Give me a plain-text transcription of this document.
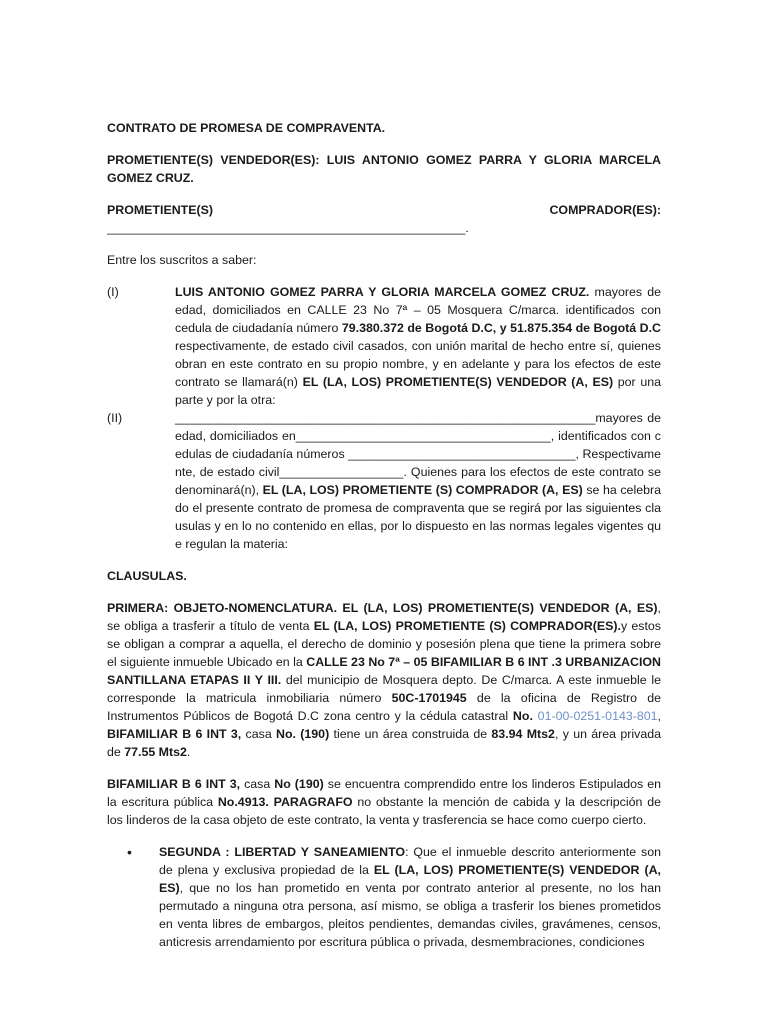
CONTRATO DE PROMESA DE COMPRAVENTA.

PROMETIENTE(S) VENDEDOR(ES): LUIS ANTONIO GOMEZ PARRA Y GLORIA MARCELA GOMEZ CRUZ.

PROMETIENTE(S)	COMPRADOR(ES):

____________________________________________________.

Entre los suscritos a saber:

(I)	LUIS ANTONIO GOMEZ PARRA Y GLORIA MARCELA GOMEZ CRUZ. mayores de edad, domiciliados en CALLE 23 No 7ª – 05 Mosquera C/marca. identificados con cedula de ciudadanía número 79.380.372 de Bogotá D.C, y 51.875.354 de Bogotá D.C respectivamente, de estado civil casados, con unión marital de hecho entre sí, quienes obran en este contrato en su propio nombre, y en adelante y para los efectos de este contrato se llamará(n) EL (LA, LOS) PROMETIENTE(S) VENDEDOR (A, ES) por una parte y por la otra:

(II)	_____________________________________________________________mayores de edad, domiciliados en_____________________________________, identificados con cedulas de ciudadanía números _________________________________, Respectivamente, de estado civil__________________. Quienes para los efectos de este contrato se denominará(n), EL (LA, LOS) PROMETIENTE (S) COMPRADOR (A, ES) se ha celebrado el presente contrato de promesa de compraventa que se regirá por las siguientes clausulas y en lo no contenido en ellas, por lo dispuesto en las normas legales vigentes que regulan la materia:

CLAUSULAS.

PRIMERA: OBJETO-NOMENCLATURA. EL (LA, LOS) PROMETIENTE(S) VENDEDOR (A, ES), se obliga a trasferir a título de venta EL (LA, LOS) PROMETIENTE (S) COMPRADOR(ES).y estos se obligan a comprar a aquella, el derecho de dominio y posesión plena que tiene la primera sobre el siguiente inmueble Ubicado en la CALLE 23 No 7ª – 05 BIFAMILIAR B 6 INT .3 URBANIZACION SANTILLANA ETAPAS II Y III. del municipio de Mosquera depto. De C/marca. A este inmueble le corresponde la matricula inmobiliaria número 50C-1701945 de la oficina de Registro de Instrumentos Públicos de Bogotá D.C zona centro y la cédula catastral No. 01-00-0251-0143-801, BIFAMILIAR B 6 INT 3, casa No. (190) tiene un área construida de 83.94 Mts2, y un área privada de 77.55 Mts2.

BIFAMILIAR B 6 INT 3, casa No (190) se encuentra comprendido entre los linderos Estipulados en la escritura pública No.4913. PARAGRAFO no obstante la mención de cabida y la descripción de los linderos de la casa objeto de este contrato, la venta y trasferencia se hace como cuerpo cierto.

•	SEGUNDA : LIBERTAD Y SANEAMIENTO: Que el inmueble descrito anteriormente son de plena y exclusiva propiedad de la EL (LA, LOS) PROMETIENTE(S) VENDEDOR (A, ES), que no los han prometido en venta por contrato anterior al presente, no los han permutado a ninguna otra persona, así mismo, se obliga a trasferir los bienes prometidos en venta libres de embargos, pleitos pendientes, demandas civiles, gravámenes, censos, anticresis arrendamiento por escritura pública o privada, desmembraciones, condiciones
